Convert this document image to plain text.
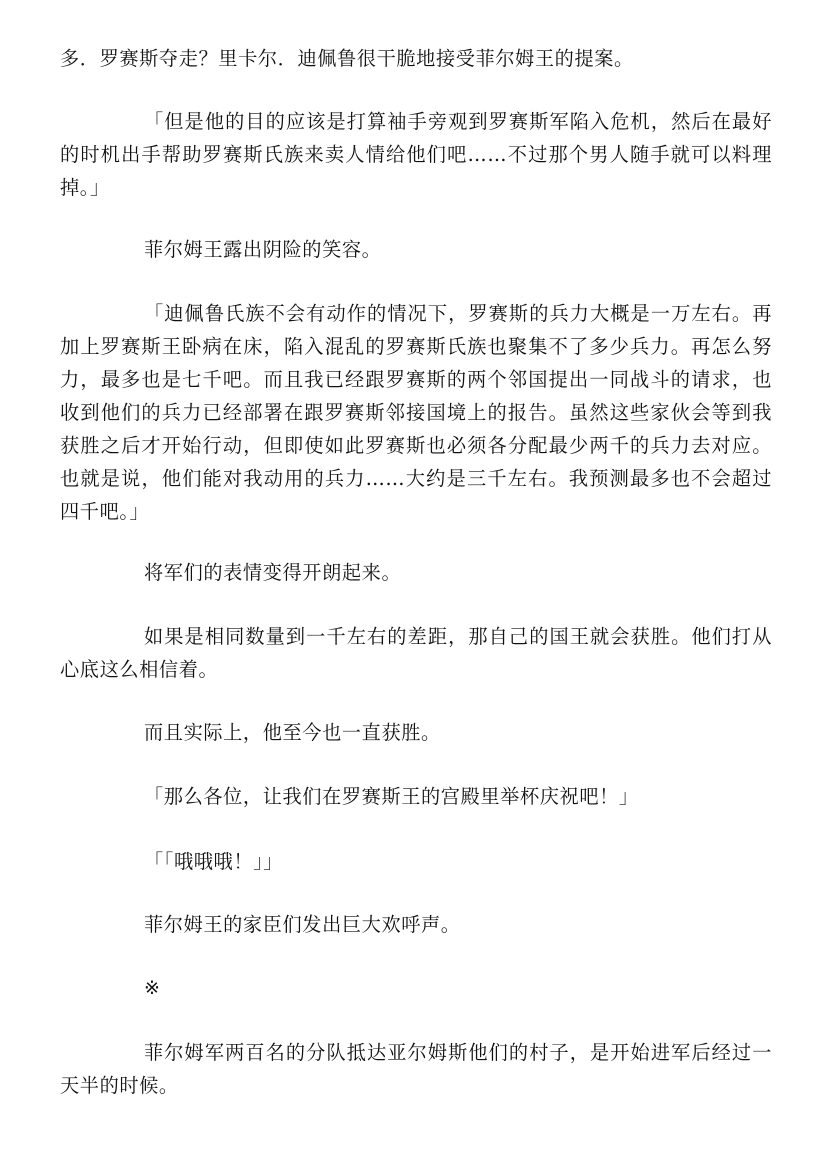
多．罗赛斯夺走？里卡尔．迪佩鲁很干脆地接受菲尔姆王的提案。

「但是他的目的应该是打算袖手旁观到罗赛斯军陷入危机，然后在最好的时机出手帮助罗赛斯氏族来卖人情给他们吧……不过那个男人随手就可以料理掉。」

菲尔姆王露出阴险的笑容。

「迪佩鲁氏族不会有动作的情况下，罗赛斯的兵力大概是一万左右。再加上罗赛斯王卧病在床，陷入混乱的罗赛斯氏族也聚集不了多少兵力。再怎么努力，最多也是七千吧。而且我已经跟罗赛斯的两个邻国提出一同战斗的请求，也收到他们的兵力已经部署在跟罗赛斯邻接国境上的报告。虽然这些家伙会等到我获胜之后才开始行动，但即使如此罗赛斯也必须各分配最少两千的兵力去对应。也就是说，他们能对我动用的兵力……大约是三千左右。我预测最多也不会超过四千吧。」

将军们的表情变得开朗起来。

如果是相同数量到一千左右的差距，那自己的国王就会获胜。他们打从心底这么相信着。

而且实际上，他至今也一直获胜。

「那么各位，让我们在罗赛斯王的宫殿里举杯庆祝吧！」

「「哦哦哦！」」

菲尔姆王的家臣们发出巨大欢呼声。

※

菲尔姆军两百名的分队抵达亚尔姆斯他们的村子，是开始进军后经过一天半的时候。
